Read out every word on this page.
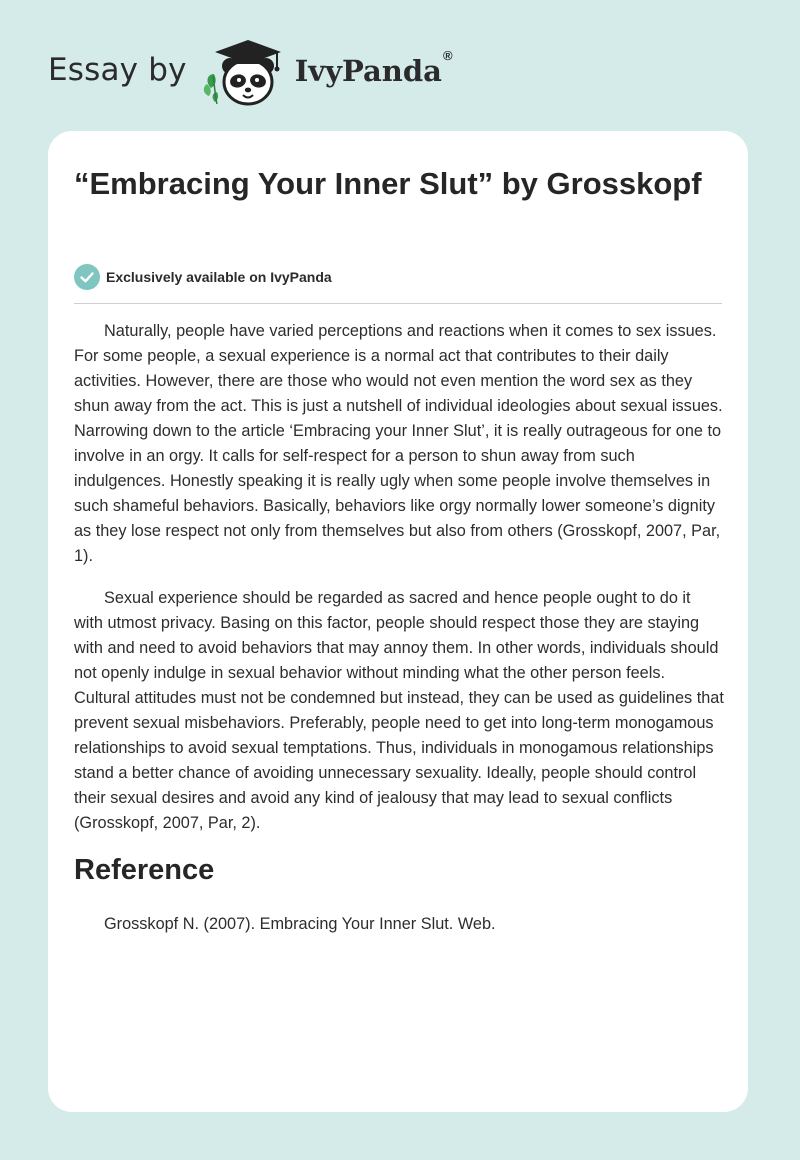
Essay by	IvyPanda®
“Embracing Your Inner Slut” by Grosskopf
Exclusively available on IvyPanda

Naturally, people have varied perceptions and reactions when it comes to sex issues. For some people, a sexual experience is a normal act that contributes to their daily activities. However, there are those who would not even mention the word sex as they shun away from the act. This is just a nutshell of individual ideologies about sexual issues. Narrowing down to the article ‘Embracing your Inner Slut’, it is really outrageous for one to involve in an orgy. It calls for self-respect for a person to shun away from such indulgences. Honestly speaking it is really ugly when some people involve themselves in such shameful behaviors. Basically, behaviors like orgy normally lower someone’s dignity as they lose respect not only from themselves but also from others (Grosskopf, 2007, Par, 1).

Sexual experience should be regarded as sacred and hence people ought to do it with utmost privacy. Basing on this factor, people should respect those they are staying with and need to avoid behaviors that may annoy them. In other words, individuals should not openly indulge in sexual behavior without minding what the other person feels. Cultural attitudes must not be condemned but instead, they can be used as guidelines that prevent sexual misbehaviors. Preferably, people need to get into long-term monogamous relationships to avoid sexual temptations. Thus, individuals in monogamous relationships stand a better chance of avoiding unnecessary sexuality. Ideally, people should control their sexual desires and avoid any kind of jealousy that may lead to sexual conflicts (Grosskopf, 2007, Par, 2).

Reference

Grosskopf N. (2007). Embracing Your Inner Slut. Web.
